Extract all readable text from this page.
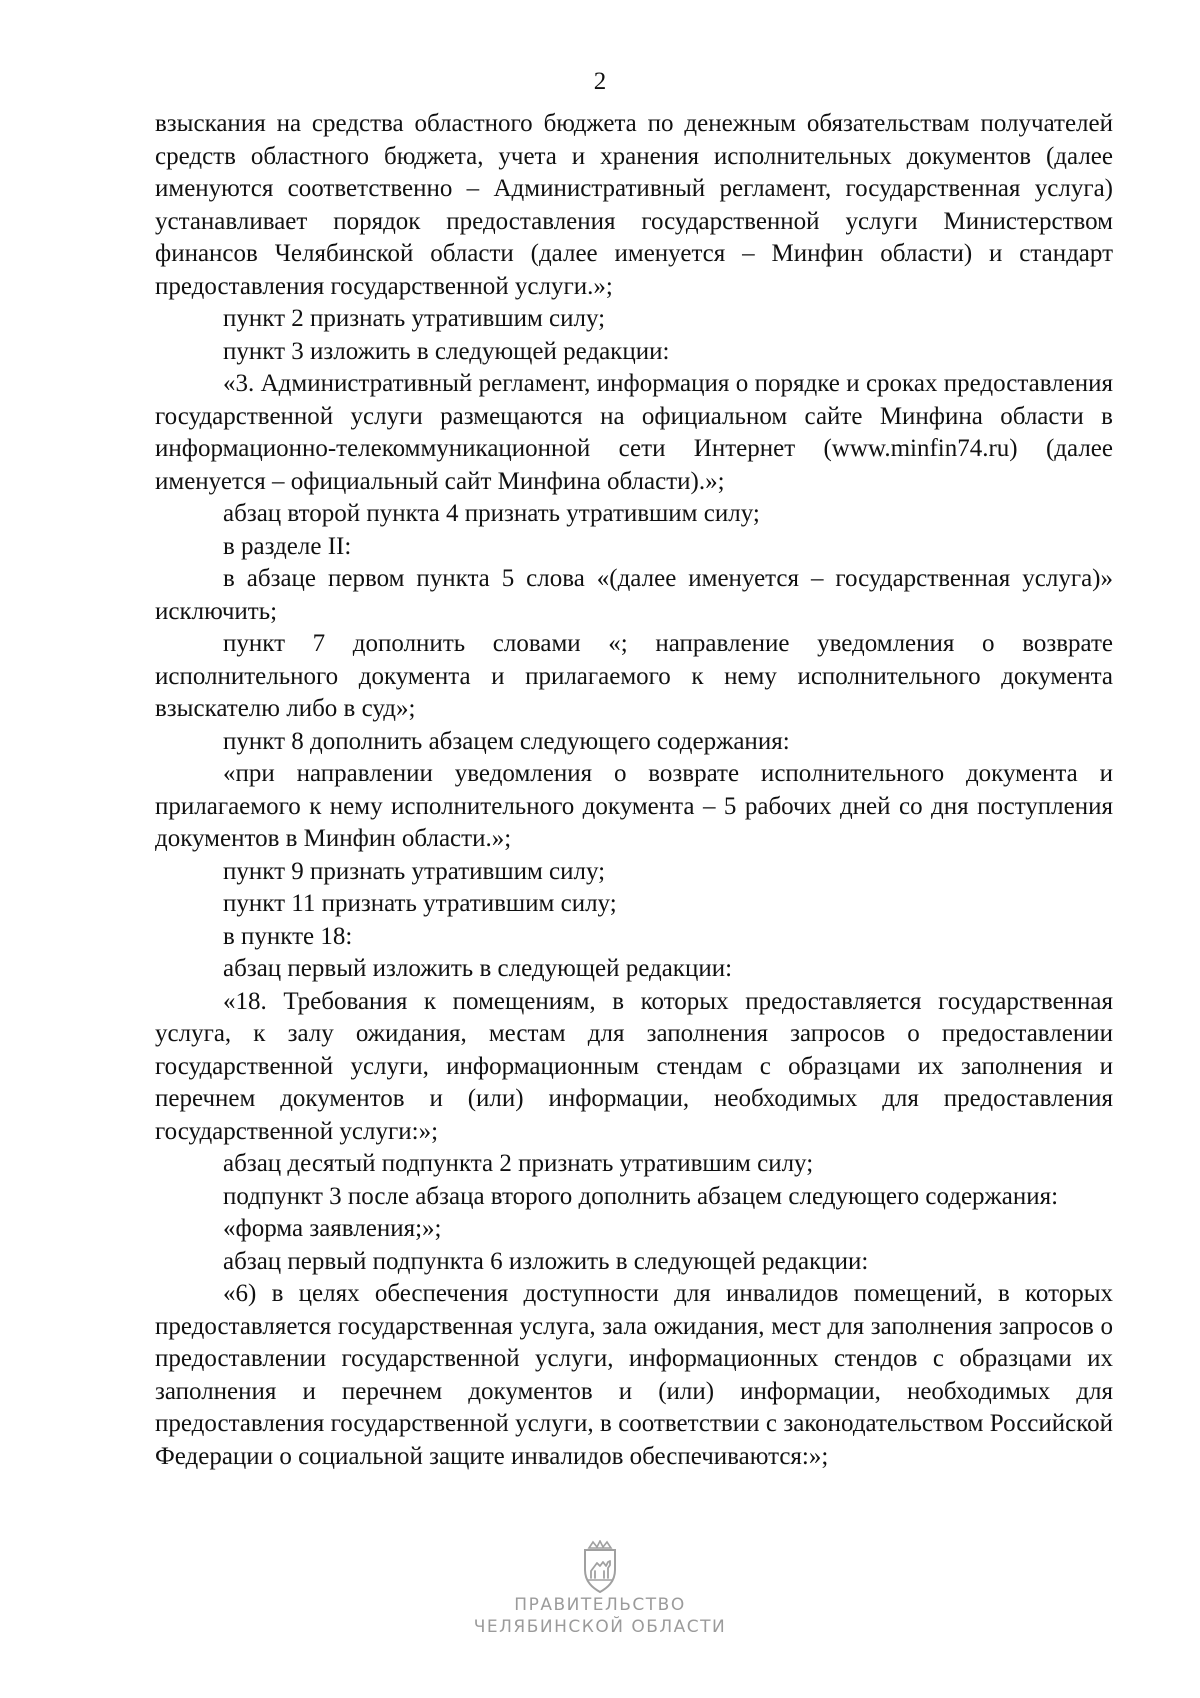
2

взыскания на средства областного бюджета по денежным обязательствам получателей средств областного бюджета, учета и хранения исполнительных документов (далее именуются соответственно – Административный регламент, государственная услуга) устанавливает порядок предоставления государственной услуги Министерством финансов Челябинской области (далее именуется – Минфин области) и стандарт предоставления государственной услуги.»;

пункт 2 признать утратившим силу;

пункт 3 изложить в следующей редакции:

«3. Административный регламент, информация о порядке и сроках предоставления государственной услуги размещаются на официальном сайте Минфина области в информационно-телекоммуникационной сети Интернет (www.minfin74.ru) (далее именуется – официальный сайт Минфина области).»;

абзац второй пункта 4 признать утратившим силу;

в разделе II:

в абзаце первом пункта 5 слова «(далее именуется – государственная услуга)» исключить;

пункт 7 дополнить словами «; направление уведомления о возврате исполнительного документа и прилагаемого к нему исполнительного документа взыскателю либо в суд»;

пункт 8 дополнить абзацем следующего содержания:

«при направлении уведомления о возврате исполнительного документа и прилагаемого к нему исполнительного документа – 5 рабочих дней со дня поступления документов в Минфин области.»;

пункт 9 признать утратившим силу;

пункт 11 признать утратившим силу;

в пункте 18:

абзац первый изложить в следующей редакции:

«18. Требования к помещениям, в которых предоставляется государственная услуга, к залу ожидания, местам для заполнения запросов о предоставлении государственной услуги, информационным стендам с образцами их заполнения и перечнем документов и (или) информации, необходимых для предоставления государственной услуги:»;

абзац десятый подпункта 2 признать утратившим силу;

подпункт 3 после абзаца второго дополнить абзацем следующего содержания:

«форма заявления;»;

абзац первый подпункта 6 изложить в следующей редакции:

«6) в целях обеспечения доступности для инвалидов помещений, в которых предоставляется государственная услуга, зала ожидания, мест для заполнения запросов о предоставлении государственной услуги, информационных стендов с образцами их заполнения и перечнем документов и (или) информации, необходимых для предоставления государственной услуги, в соответствии с законодательством Российской Федерации о социальной защите инвалидов обеспечиваются:»;

ПРАВИТЕЛЬСТВО
ЧЕЛЯБИНСКОЙ ОБЛАСТИ
